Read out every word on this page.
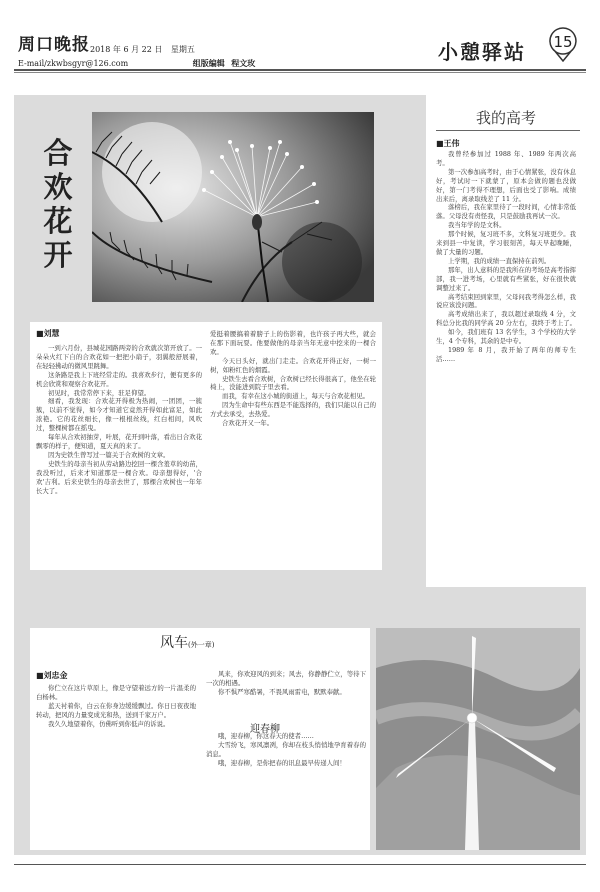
周口晚报 2018 年 6 月 22 日 星期五
E-mail/zkwbsgyr@126.com	组版编辑 程文玫	小憩驿站	15
合
欢
花
开
■刘慧

一到六月份，县城花园路两旁的合欢就次第开放了。一朵朵火红下自的合欢花如一把把小扇子，羽翼般舒展着，在轻轻拂动的微风里跳舞。

这条路是我上下班经常走的。我喜欢步行，便有更多的机会欣赏和观察合欢花开。

初见时，我常常停下来，驻足仰望。

细看，我发现：合欢花开得极为热闹，一团团，一簇簇，以前不觉得，如今才知道它竟然开得如此富足，如此浓艳。它的花丝细长，像一根根丝线，红白相间，风吹过，整棵树都在摇曳。

每年从合欢初抽芽，叶展，花开到叶落，看出日合欢花飘零的样子，便知道，夏天真的来了。

因为史铁生曾写过一篇关于合欢树的文章。

史铁生的母亲当初从劳动路边挖回一棵含羞草的幼苗，我没听过，后来才知道那是一棵合欢。母亲想得好，'合欢'吉利。后来史铁生的母亲去世了，那棵合欢树也一年年长大了。

爱挺着腰搞着着膀子上的伤影着，也许孩子再大些，就会在那下面玩耍。他要做他的母亲当年无意中挖来的一棵合欢。

今天日头好，就出门走走。合欢花开得正好，一树一树，如粉红色的烟霞。

史铁生去看合欢树，合欢树已经长得很高了，他坐在轮椅上，没能进到院子里去看。

而我，有幸在这小城的街道上，每天与合欢花相见。

因为生命中有些东西是不能选择的，我们只能以自己的方式去承受，去热爱。

合欢花开又一年。

我的高考
■王伟

我曾经参加过 1988 年、1989 年两次高考。

第一次参加高考时，由于心情紧张，没有休息好，考试时一下就蒙了，原本会做的题也没做好，第一门考得不理想，后面也受了影响。成绩出来后，离录取线差了 11 分。

落榜后，我在家里待了一段时间，心情非常低落。父母没有责怪我，只是鼓励我再试一次。

我当年学的是文科。

那个时候，复习班不多，文科复习班更少。我来到县一中复读，学习很刻苦，每天早起晚睡，做了大量的习题。

上学期，我的成绩一直保持在前列。

那年，出人意料的是我所在的考场是高考指挥部，我一进考场，心里就有些紧张，好在很快就调整过来了。

高考结束回到家里，父母问我考得怎么样，我说应该没问题。

高考成绩出来了，我以超过录取线 4 分，文科总分比我的同学高 20 分左右，我终于考上了。

如今，我们班有 13 名学生，3 个学校的大学生，4 个专科，其余的是中专。

1989 年 8 月，我开始了两年的师专生活……

■刘忠金

你伫立在这片草原上，像是守望着远方的一片温柔的白杨林。

蓝天衬着你，白云在你身边缓缓飘过。你日日夜夜地转动，把风的力量变成光和热，送到千家万户。

我久久地望着你，仿佛听到你低声的诉说。

风来，你欢迎风的到来；风去，你静静伫立，等待下一次的相遇。

你不惧严寒酷暑，不畏风雨雷电，默默奉献。

哦，迎春柳，你这春天的使者……

大雪纷飞，寒风凛冽，你却在枝头悄悄地孕育着春的消息。

哦，迎春柳，是你把春的讯息最早传递人间！

风车(外一章)
迎春柳
